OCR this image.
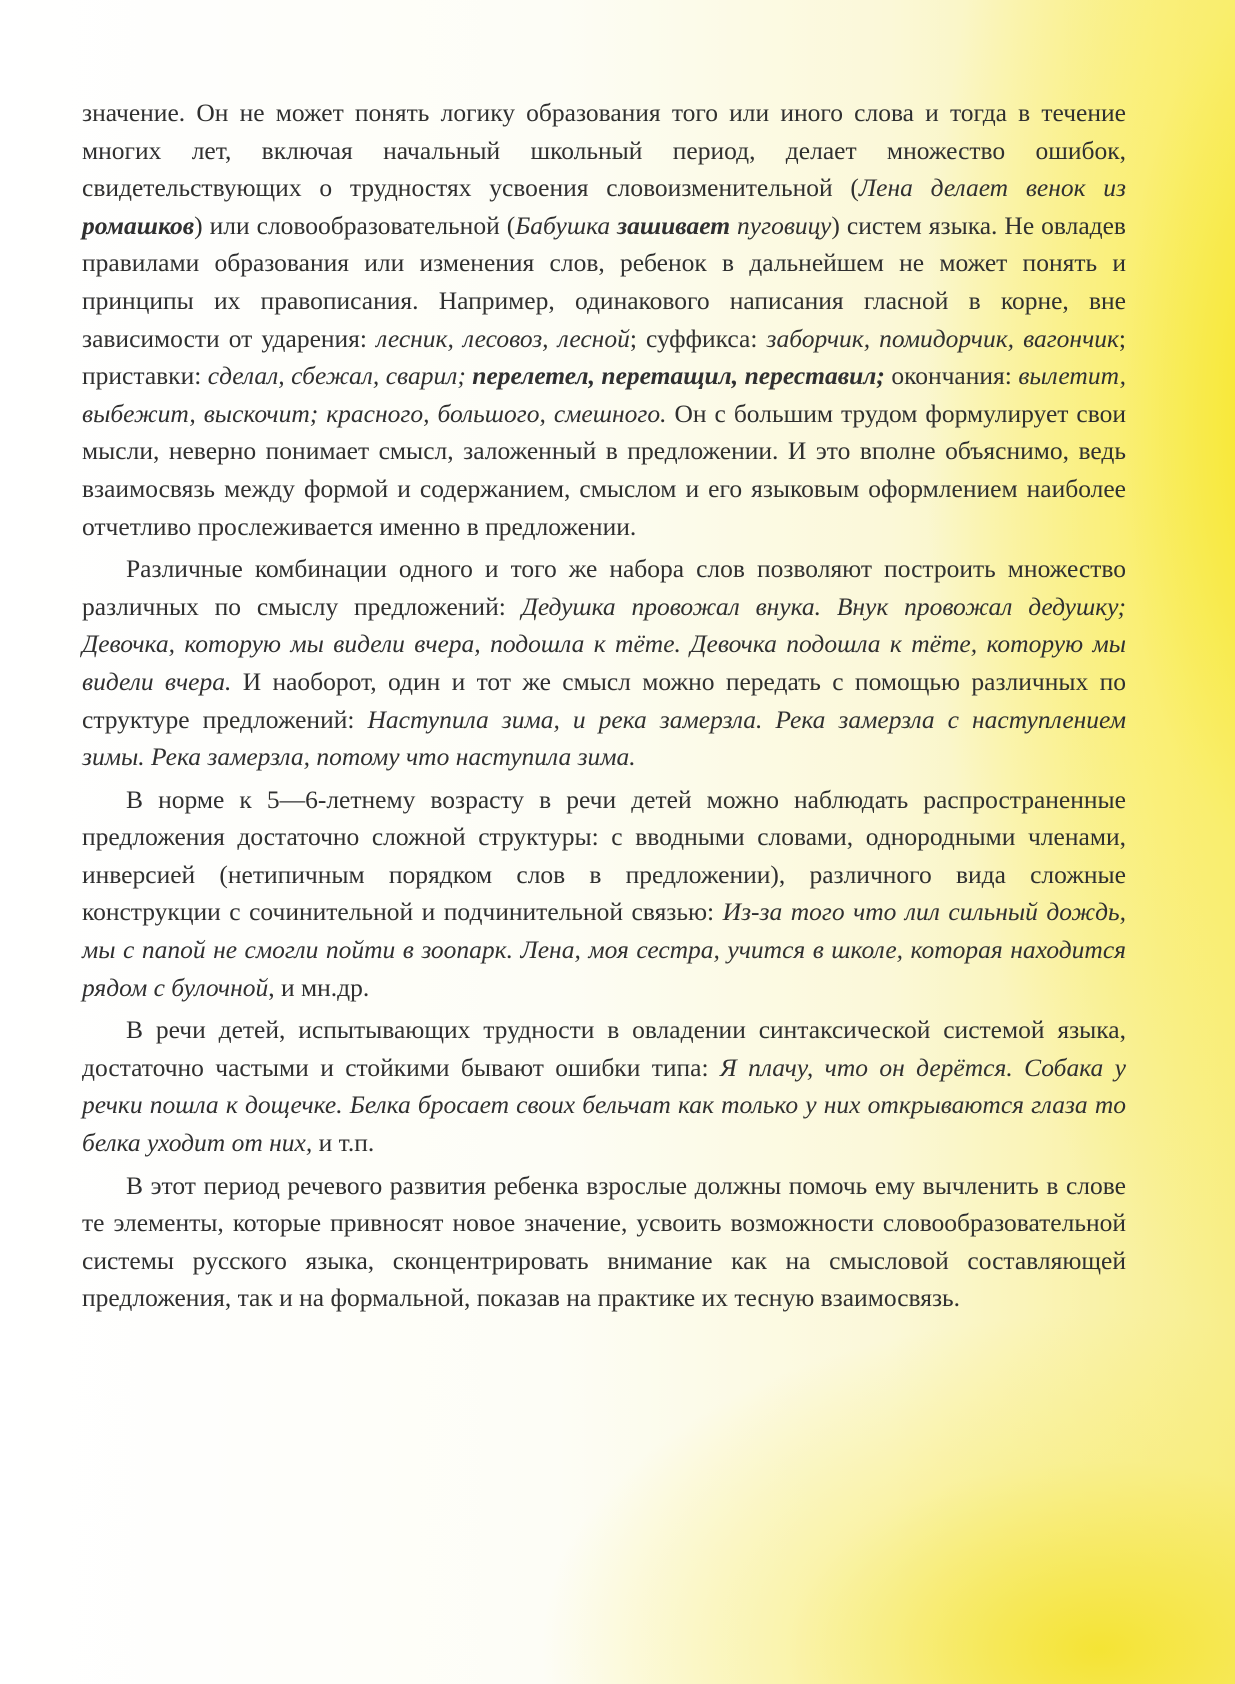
значение. Он не может понять логику образования того или иного слова и тогда в течение многих лет, включая начальный школьный период, делает множество ошибок, свидетельствующих о трудностях усвоения словоизменительной (Лена делает венок из ромашков) или словообразовательной (Бабушка зашивает пуговицу) систем языка. Не овладев правилами образования или изменения слов, ребенок в дальнейшем не может понять и принципы их правописания. Например, одинакового написания гласной в корне, вне зависимости от ударения: лесник, лесовоз, лесной; суффикса: заборчик, помидорчик, вагончик; приставки: сделал, сбежал, сварил; перелетел, перетащил, переставил; окончания: вылетит, выбежит, выскочит; красного, большого, смешного. Он с большим трудом формулирует свои мысли, неверно понимает смысл, заложенный в предложении. И это вполне объяснимо, ведь взаимосвязь между формой и содержанием, смыслом и его языковым оформлением наиболее отчетливо прослеживается именно в предложении.

Различные комбинации одного и того же набора слов позволяют построить множество различных по смыслу предложений: Дедушка провожал внука. Внук провожал дедушку; Девочка, которую мы видели вчера, подошла к тёте. Девочка подошла к тёте, которую мы видели вчера. И наоборот, один и тот же смысл можно передать с помощью различных по структуре предложений: Наступила зима, и река замерзла. Река замерзла с наступлением зимы. Река замерзла, потому что наступила зима.

В норме к 5—6-летнему возрасту в речи детей можно наблюдать распространенные предложения достаточно сложной структуры: с вводными словами, однородными членами, инверсией (нетипичным порядком слов в предложении), различного вида сложные конструкции с сочинительной и подчинительной связью: Из-за того что лил сильный дождь, мы с папой не смогли пойти в зоопарк. Лена, моя сестра, учится в школе, которая находится рядом с булочной, и мн.др.

В речи детей, испытывающих трудности в овладении синтаксической системой языка, достаточно частыми и стойкими бывают ошибки типа: Я плачу, что он дерётся. Собака у речки пошла к дощечке. Белка бросает своих бельчат как только у них открываются глаза то белка уходит от них, и т.п.

В этот период речевого развития ребенка взрослые должны помочь ему вычленить в слове те элементы, которые привносят новое значение, усвоить возможности словообразовательной системы русского языка, сконцентрировать внимание как на смысловой составляющей предложения, так и на формальной, показав на практике их тесную взаимосвязь.
